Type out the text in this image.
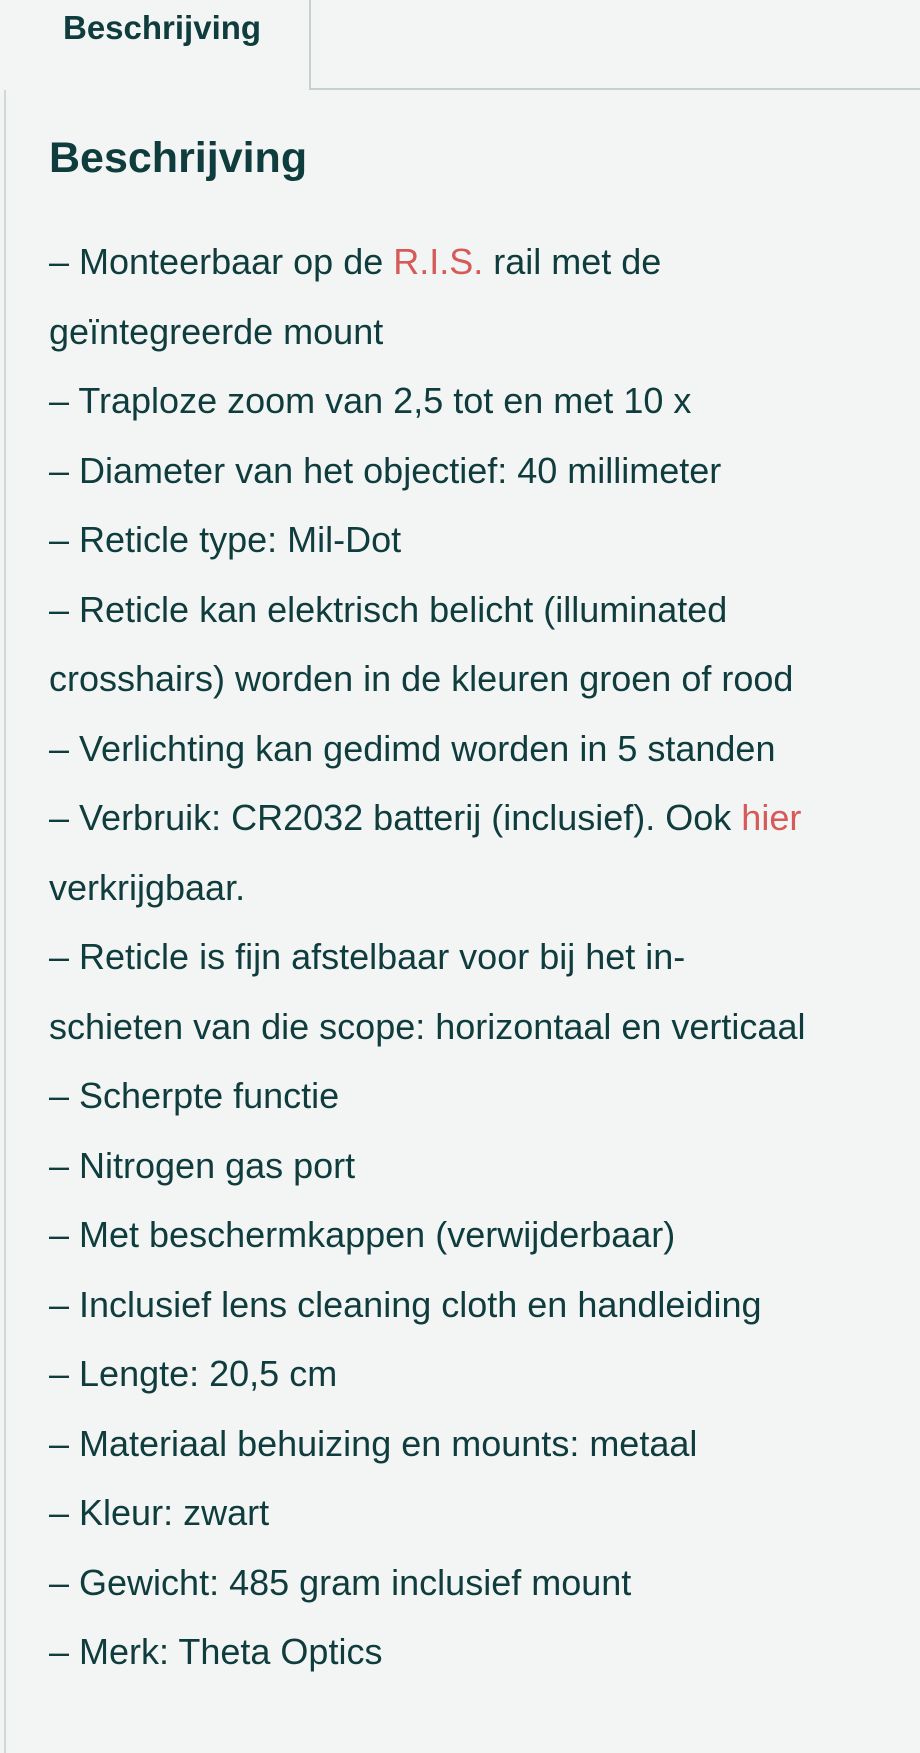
Beschrijving
Beschrijving
– Monteerbaar op de R.I.S. rail met de
geïntegreerde mount
– Traploze zoom van 2,5 tot en met 10 x
– Diameter van het objectief: 40 millimeter
– Reticle type: Mil-Dot
– Reticle kan elektrisch belicht (illuminated
crosshairs) worden in de kleuren groen of rood
– Verlichting kan gedimd worden in 5 standen
– Verbruik: CR2032 batterij (inclusief). Ook hier
verkrijgbaar.
– Reticle is fijn afstelbaar voor bij het in-
schieten van die scope: horizontaal en verticaal
– Scherpte functie
– Nitrogen gas port
– Met beschermkappen (verwijderbaar)
– Inclusief lens cleaning cloth en handleiding
– Lengte: 20,5 cm
– Materiaal behuizing en mounts: metaal
– Kleur: zwart
– Gewicht: 485 gram inclusief mount
– Merk: Theta Optics
